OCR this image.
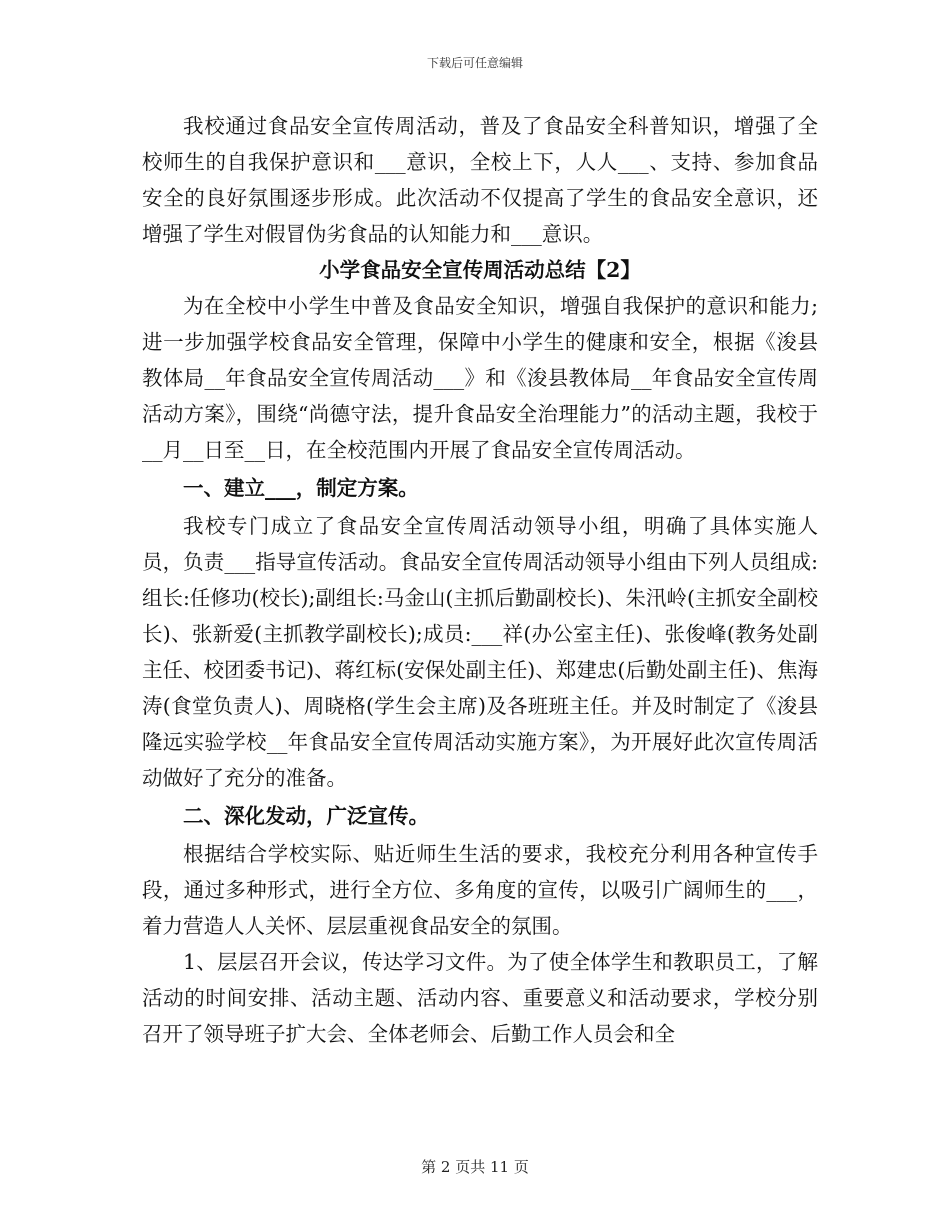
下载后可任意编辑

我校通过食品安全宣传周活动，普及了食品安全科普知识，增强了全校师生的自我保护意识和___意识，全校上下，人人___、支持、参加食品安全的良好氛围逐步形成。此次活动不仅提高了学生的食品安全意识，还增强了学生对假冒伪劣食品的认知能力和___意识。

小学食品安全宣传周活动总结【2】

为在全校中小学生中普及食品安全知识，增强自我保护的意识和能力;进一步加强学校食品安全管理，保障中小学生的健康和安全，根据《浚县教体局__年食品安全宣传周活动___》和《浚县教体局__年食品安全宣传周活动方案》，围绕“尚德守法，提升食品安全治理能力”的活动主题，我校于__月__日至__日，在全校范围内开展了食品安全宣传周活动。

一、建立___，制定方案。

我校专门成立了食品安全宣传周活动领导小组，明确了具体实施人员，负责___指导宣传活动。食品安全宣传周活动领导小组由下列人员组成:组长:任修功(校长);副组长:马金山(主抓后勤副校长)、朱汛岭(主抓安全副校长)、张新爱(主抓教学副校长);成员:___祥(办公室主任)、张俊峰(教务处副主任、校团委书记)、蒋红标(安保处副主任)、郑建忠(后勤处副主任)、焦海涛(食堂负责人)、周晓格(学生会主席)及各班班主任。并及时制定了《浚县隆远实验学校__年食品安全宣传周活动实施方案》，为开展好此次宣传周活动做好了充分的准备。

二、深化发动，广泛宣传。

根据结合学校实际、贴近师生生活的要求，我校充分利用各种宣传手段，通过多种形式，进行全方位、多角度的宣传，以吸引广阔师生的___，着力营造人人关怀、层层重视食品安全的氛围。

1、层层召开会议，传达学习文件。为了使全体学生和教职员工，了解活动的时间安排、活动主题、活动内容、重要意义和活动要求，学校分别召开了领导班子扩大会、全体老师会、后勤工作人员会和全

第 2 页共 11 页
